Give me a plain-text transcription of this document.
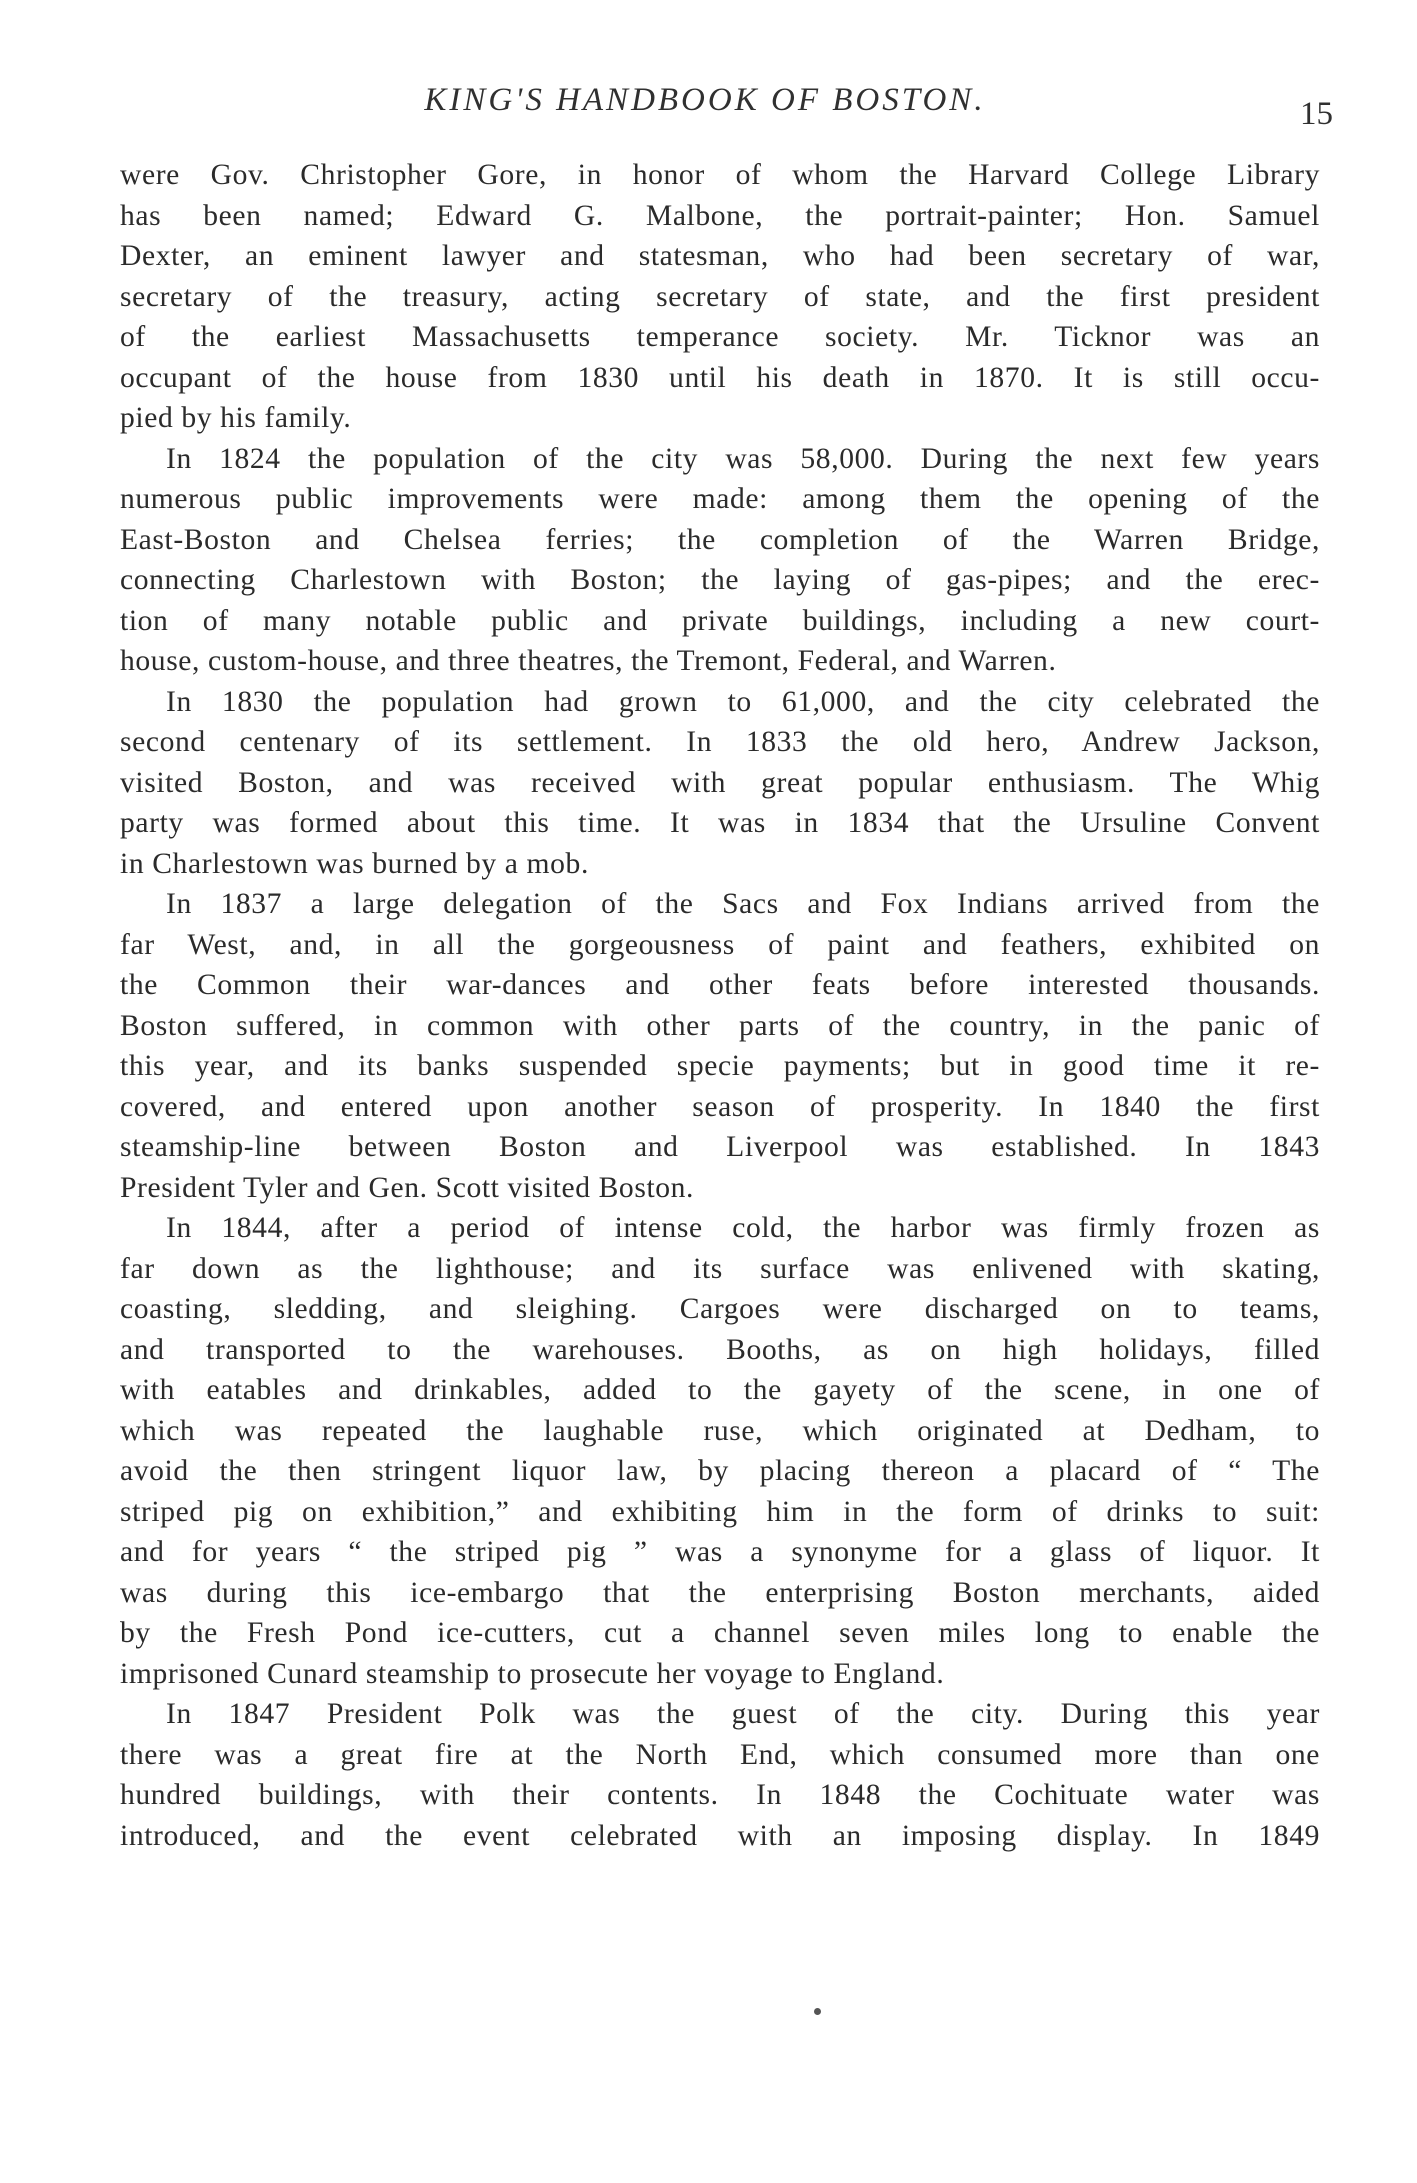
KING'S HANDBOOK OF BOSTON.	15
were Gov. Christopher Gore, in honor of whom the Harvard College Library
has been named; Edward G. Malbone, the portrait-painter; Hon. Samuel
Dexter, an eminent lawyer and statesman, who had been secretary of war,
secretary of the treasury, acting secretary of state, and the first president
of the earliest Massachusetts temperance society. Mr. Ticknor was an
occupant of the house from 1830 until his death in 1870. It is still occu-
pied by his family.
In 1824 the population of the city was 58,000. During the next few years
numerous public improvements were made: among them the opening of the
East-Boston and Chelsea ferries; the completion of the Warren Bridge,
connecting Charlestown with Boston; the laying of gas-pipes; and the erec-
tion of many notable public and private buildings, including a new court-
house, custom-house, and three theatres, the Tremont, Federal, and Warren.
In 1830 the population had grown to 61,000, and the city celebrated the
second centenary of its settlement. In 1833 the old hero, Andrew Jackson,
visited Boston, and was received with great popular enthusiasm. The Whig
party was formed about this time. It was in 1834 that the Ursuline Convent
in Charlestown was burned by a mob.
In 1837 a large delegation of the Sacs and Fox Indians arrived from the
far West, and, in all the gorgeousness of paint and feathers, exhibited on
the Common their war-dances and other feats before interested thousands.
Boston suffered, in common with other parts of the country, in the panic of
this year, and its banks suspended specie payments; but in good time it re-
covered, and entered upon another season of prosperity. In 1840 the first
steamship-line between Boston and Liverpool was established. In 1843
President Tyler and Gen. Scott visited Boston.
In 1844, after a period of intense cold, the harbor was firmly frozen as
far down as the lighthouse; and its surface was enlivened with skating,
coasting, sledding, and sleighing. Cargoes were discharged on to teams,
and transported to the warehouses. Booths, as on high holidays, filled
with eatables and drinkables, added to the gayety of the scene, in one of
which was repeated the laughable ruse, which originated at Dedham, to
avoid the then stringent liquor law, by placing thereon a placard of “ The
striped pig on exhibition,” and exhibiting him in the form of drinks to suit:
and for years “ the striped pig ” was a synonyme for a glass of liquor. It
was during this ice-embargo that the enterprising Boston merchants, aided
by the Fresh Pond ice-cutters, cut a channel seven miles long to enable the
imprisoned Cunard steamship to prosecute her voyage to England.
In 1847 President Polk was the guest of the city. During this year
there was a great fire at the North End, which consumed more than one
hundred buildings, with their contents. In 1848 the Cochituate water was
introduced, and the event celebrated with an imposing display. In 1849
